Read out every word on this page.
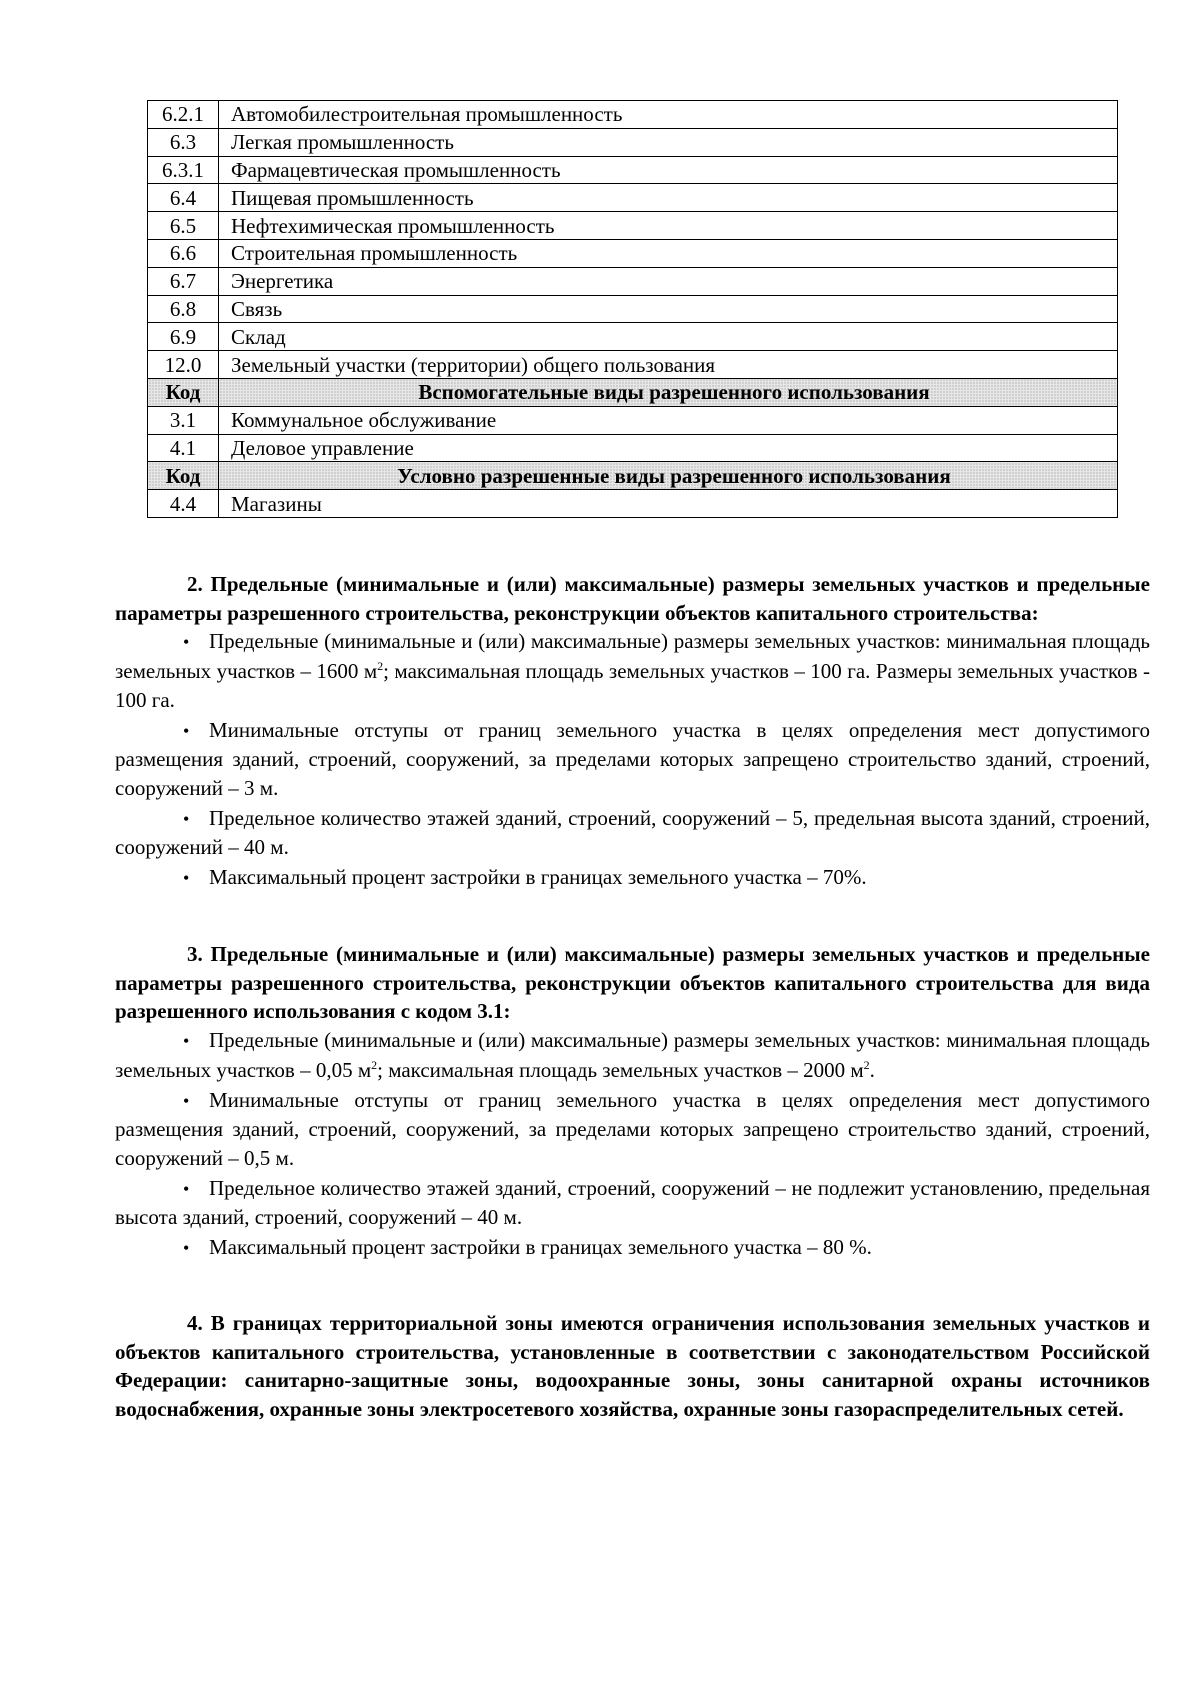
6.2.1	Автомобилестроительная промышленность
6.3	Легкая промышленность
6.3.1	Фармацевтическая промышленность
6.4	Пищевая промышленность
6.5	Нефтехимическая промышленность
6.6	Строительная промышленность
6.7	Энергетика
6.8	Связь
6.9	Склад
12.0	Земельный участки (территории) общего пользования
Код	Вспомогательные виды разрешенного использования
3.1	Коммунальное обслуживание
4.1	Деловое управление
Код	Условно разрешенные виды разрешенного использования
4.4	Магазины

2. Предельные (минимальные и (или) максимальные) размеры земельных участков и предельные параметры разрешенного строительства, реконструкции объектов капитального строительства:

• Предельные (минимальные и (или) максимальные) размеры земельных участков: минимальная площадь земельных участков – 1600 $м^2$; максимальная площадь земельных участков – 100 га. Размеры земельных участков - 100 га.

• Минимальные отступы от границ земельного участка в целях определения мест допустимого размещения зданий, строений, сооружений, за пределами которых запрещено строительство зданий, строений, сооружений – 3 м.

• Предельное количество этажей зданий, строений, сооружений – 5, предельная высота зданий, строений, сооружений – 40 м.

• Максимальный процент застройки в границах земельного участка – 70%.

3. Предельные (минимальные и (или) максимальные) размеры земельных участков и предельные параметры разрешенного строительства, реконструкции объектов капитального строительства для вида разрешенного использования с кодом 3.1:

• Предельные (минимальные и (или) максимальные) размеры земельных участков: минимальная площадь земельных участков – 0,05 $м^2$; максимальная площадь земельных участков – 2000 $м^2$.

• Минимальные отступы от границ земельного участка в целях определения мест допустимого размещения зданий, строений, сооружений, за пределами которых запрещено строительство зданий, строений, сооружений – 0,5 м.

• Предельное количество этажей зданий, строений, сооружений – не подлежит установлению, предельная высота зданий, строений, сооружений – 40 м.

• Максимальный процент застройки в границах земельного участка – 80 %.

4. В границах территориальной зоны имеются ограничения использования земельных участков и объектов капитального строительства, установленные в соответствии с законодательством Российской Федерации: санитарно-защитные зоны, водоохранные зоны, зоны санитарной охраны источников водоснабжения, охранные зоны электросетевого хозяйства, охранные зоны газораспределительных сетей.
